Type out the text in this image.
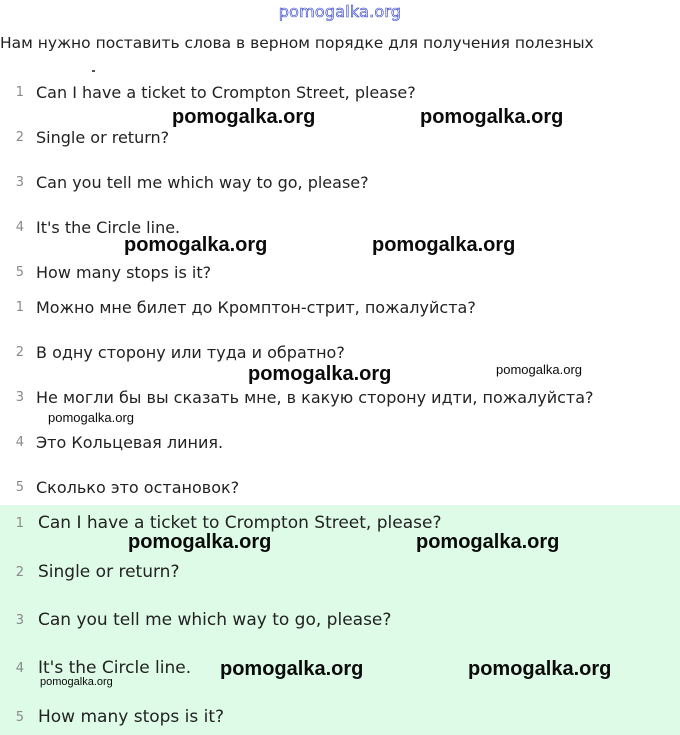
pomogalka.org
Нам нужно поставить слова в верном порядке для получения полезных
1 Can I have a ticket to Crompton Street, please?
2 Single or return?
3 Can you tell me which way to go, please?
4 It's the Circle line.
5 How many stops is it?
1 Можно мне билет до Кромптон-стрит, пожалуйста?
2 В одну сторону или туда и обратно?
3 Не могли бы вы сказать мне, в какую сторону идти, пожалуйста?
4 Это Кольцевая линия.
5 Сколько это остановок?
1 Can I have a ticket to Crompton Street, please?
2 Single or return?
3 Can you tell me which way to go, please?
4 It's the Circle line.
5 How many stops is it?
pomogalka.org	pomogalka.org
pomogalka.org	pomogalka.org
pomogalka.org	pomogalka.org
pomogalka.org
pomogalka.org	pomogalka.org
pomogalka.org	pomogalka.org
pomogalka.org
